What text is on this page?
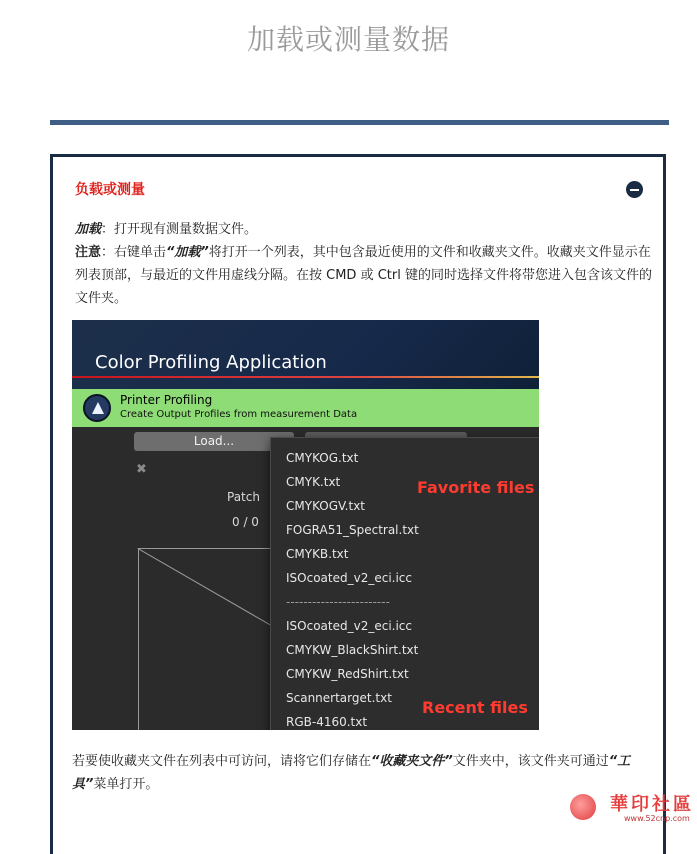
加载或测量数据
负载或测量
加载：打开现有测量数据文件。
注意：右键单击“加载”将打开一个列表，其中包含最近使用的文件和收藏夹文件。收藏夹文件显示在列表顶部，与最近的文件用虚线分隔。在按 CMD 或 Ctrl 键的同时选择文件将带您进入包含该文件的文件夹。
Color Profiling Application
Printer Profiling
Create Output Profiles from measurement Data
Load...
✖
Patch
0 / 0
CMYKOG.txt
CMYK.txt
CMYKOGV.txt
FOGRA51_Spectral.txt
CMYKB.txt
ISOcoated_v2_eci.icc
------------------------
ISOcoated_v2_eci.icc
CMYKW_BlackShirt.txt
CMYKW_RedShirt.txt
Scannertarget.txt
RGB-4160.txt
Favorite files
Recent files
若要使收藏夹文件在列表中可访问，请将它们存储在“收藏夹文件”文件夹中，该文件夹可通过“工具”菜单打开。
華印社區
www.52cnp.com
